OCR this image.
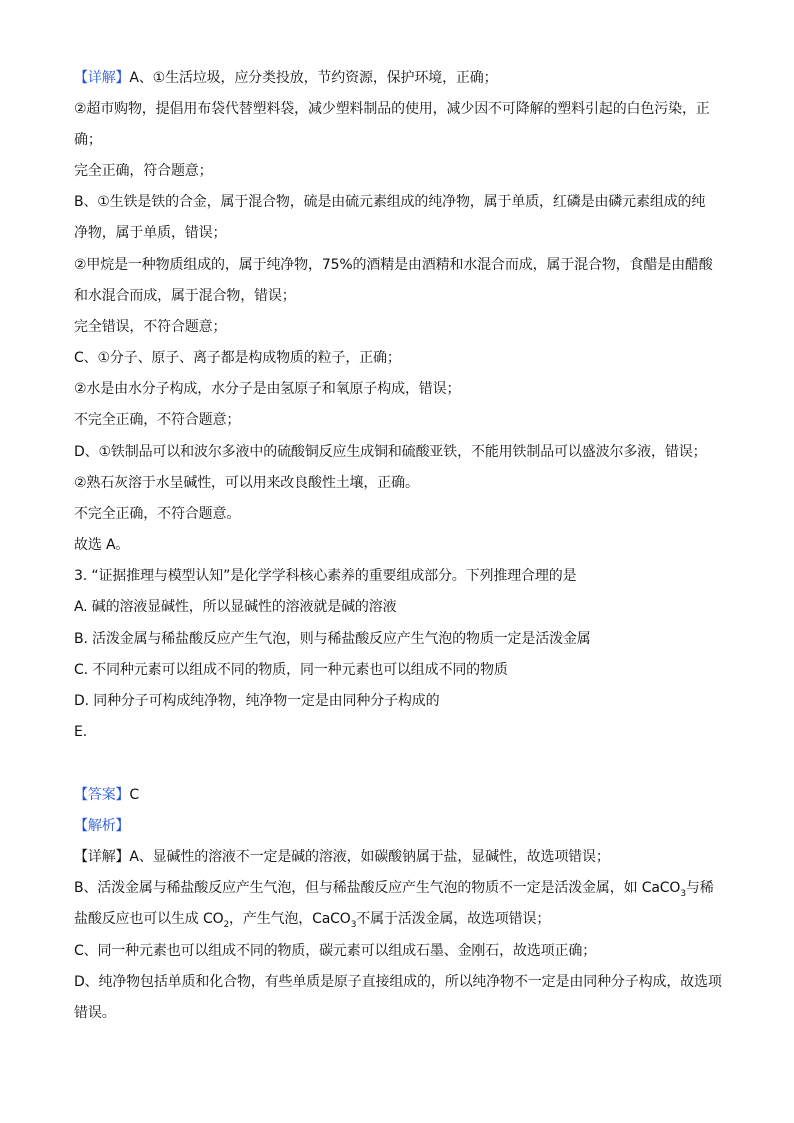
【详解】A、①生活垃圾，应分类投放，节约资源，保护环境，正确；
②超市购物，提倡用布袋代替塑料袋，减少塑料制品的使用，减少因不可降解的塑料引起的白色污染，正
确；
完全正确，符合题意；
B、①生铁是铁的合金，属于混合物，硫是由硫元素组成的纯净物，属于单质，红磷是由磷元素组成的纯
净物，属于单质，错误；
②甲烷是一种物质组成的，属于纯净物，75%的酒精是由酒精和水混合而成，属于混合物，食醋是由醋酸
和水混合而成，属于混合物，错误；
完全错误，不符合题意；
C、①分子、原子、离子都是构成物质的粒子，正确；
②水是由水分子构成，水分子是由氢原子和氧原子构成，错误；
不完全正确，不符合题意；
D、①铁制品可以和波尔多液中的硫酸铜反应生成铜和硫酸亚铁，不能用铁制品可以盛波尔多液，错误；
②熟石灰溶于水呈碱性，可以用来改良酸性土壤，正确。
不完全正确，不符合题意。
故选 A。
3. “证据推理与模型认知”是化学学科核心素养的重要组成部分。下列推理合理的是
A. 碱的溶液显碱性，所以显碱性的溶液就是碱的溶液
B. 活泼金属与稀盐酸反应产生气泡，则与稀盐酸反应产生气泡的物质一定是活泼金属
C. 不同种元素可以组成不同的物质，同一种元素也可以组成不同的物质
D. 同种分子可构成纯净物，纯净物一定是由同种分子构成的
E.
【答案】C
【解析】
【详解】A、显碱性的溶液不一定是碱的溶液，如碳酸钠属于盐，显碱性，故选项错误；
B、活泼金属与稀盐酸反应产生气泡，但与稀盐酸反应产生气泡的物质不一定是活泼金属，如 CaCO$_3$与稀
盐酸反应也可以生成 $CO_2$，产生气泡，CaCO$_3$不属于活泼金属，故选项错误；
C、同一种元素也可以组成不同的物质，碳元素可以组成石墨、金刚石，故选项正确；
D、纯净物包括单质和化合物，有些单质是原子直接组成的，所以纯净物不一定是由同种分子构成，故选项
错误。
